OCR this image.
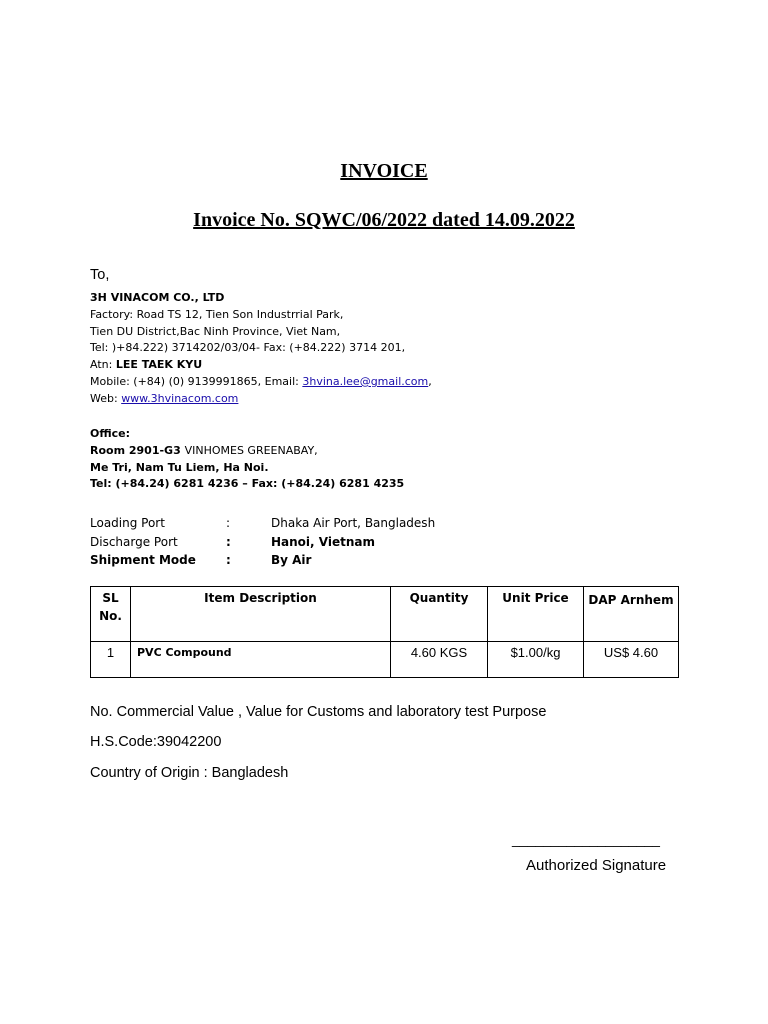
INVOICE
Invoice No. SQWC/06/2022 dated 14.09.2022
To,
3H VINACOM CO., LTD
Factory: Road TS 12, Tien Son Industrrial Park,
Tien DU District,Bac Ninh Province, Viet Nam,
Tel: )+84.222) 3714202/03/04- Fax: (+84.222) 3714 201,
Atn: LEE TAEK KYU
Mobile: (+84) (0) 9139991865, Email: 3hvina.lee@gmail.com,
Web: www.3hvinacom.com
Office:
Room 2901-G3 VINHOMES GREENABAY,
Me Tri, Nam Tu Liem, Ha Noi.
Tel: (+84.24) 6281 4236 – Fax: (+84.24) 6281 4235
Loading Port	:	Dhaka Air Port, Bangladesh
Discharge Port	:	Hanoi, Vietnam
Shipment Mode	:	By Air
SL No.	Item Description	Quantity	Unit Price	DAP Arnhem
1	PVC Compound	4.60 KGS	$1.00/kg	US$ 4.60
No. Commercial Value , Value for Customs and laboratory test Purpose
H.S.Code:39042200
Country of Origin : Bangladesh
___________________
Authorized Signature
